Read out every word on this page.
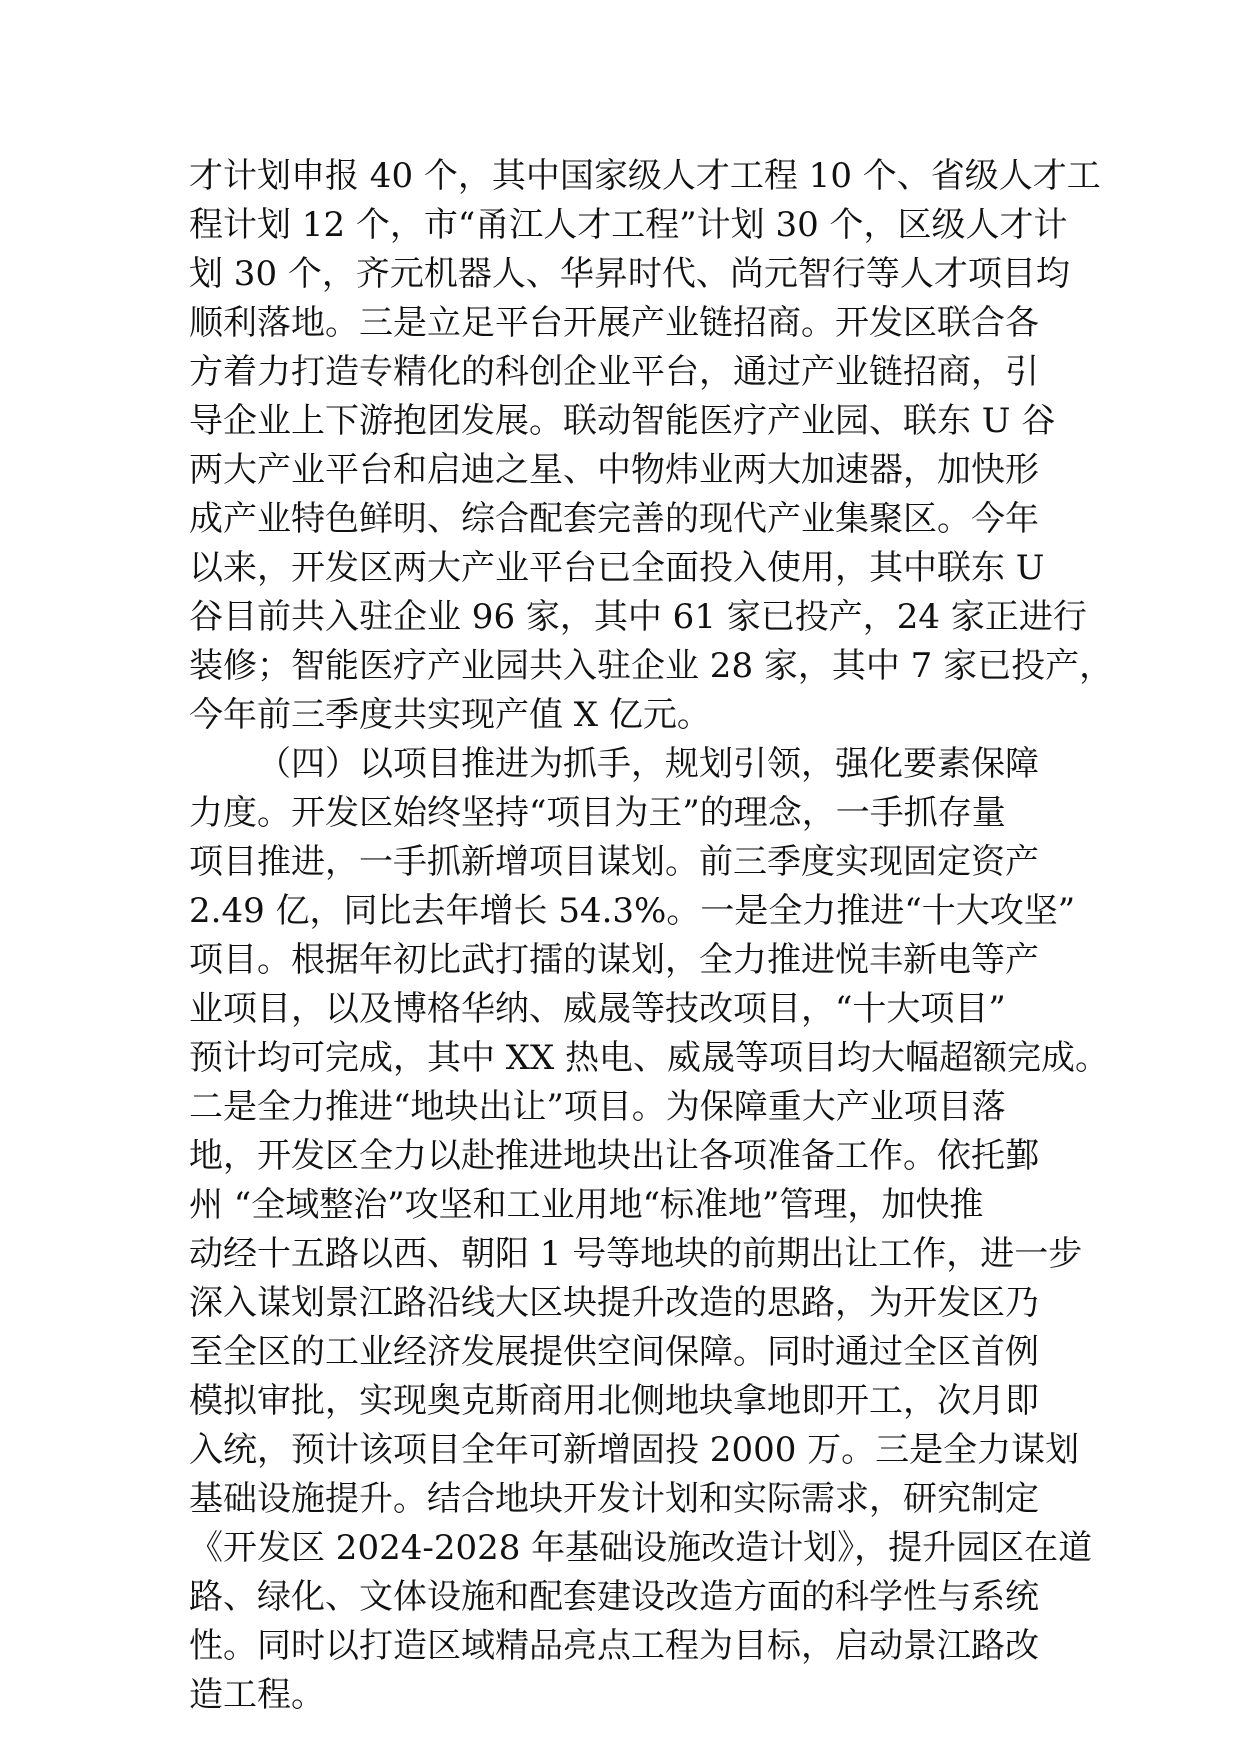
才计划申报 40 个，其中国家级人才工程 10 个、省级人才工
程计划 12 个，市“甬江人才工程”计划 30 个，区级人才计
划 30 个，齐元机器人、华昇时代、尚元智行等人才项目均
顺利落地。三是立足平台开展产业链招商。开发区联合各
方着力打造专精化的科创企业平台，通过产业链招商，引
导企业上下游抱团发展。联动智能医疗产业园、联东 U 谷
两大产业平台和启迪之星、中物炜业两大加速器，加快形
成产业特色鲜明、综合配套完善的现代产业集聚区。今年
以来，开发区两大产业平台已全面投入使用，其中联东 U
谷目前共入驻企业 96 家，其中 61 家已投产，24 家正进行
装修；智能医疗产业园共入驻企业 28 家，其中 7 家已投产，
今年前三季度共实现产值 X 亿元。
（四）以项目推进为抓手，规划引领，强化要素保障
力度。开发区始终坚持“项目为王”的理念，一手抓存量
项目推进，一手抓新增项目谋划。前三季度实现固定资产
2.49 亿，同比去年增长 54.3%。一是全力推进“十大攻坚”
项目。根据年初比武打擂的谋划，全力推进悦丰新电等产
业项目，以及博格华纳、威晟等技改项目，“十大项目”
预计均可完成，其中 XX 热电、威晟等项目均大幅超额完成。
二是全力推进“地块出让”项目。为保障重大产业项目落
地，开发区全力以赴推进地块出让各项准备工作。依托鄞
州 “全域整治”攻坚和工业用地“标准地”管理，加快推
动经十五路以西、朝阳 1 号等地块的前期出让工作，进一步
深入谋划景江路沿线大区块提升改造的思路，为开发区乃
至全区的工业经济发展提供空间保障。同时通过全区首例
模拟审批，实现奥克斯商用北侧地块拿地即开工，次月即
入统，预计该项目全年可新增固投 2000 万。三是全力谋划
基础设施提升。结合地块开发计划和实际需求，研究制定
《开发区 2024-2028 年基础设施改造计划》，提升园区在道
路、绿化、文体设施和配套建设改造方面的科学性与系统
性。同时以打造区域精品亮点工程为目标，启动景江路改
造工程。
